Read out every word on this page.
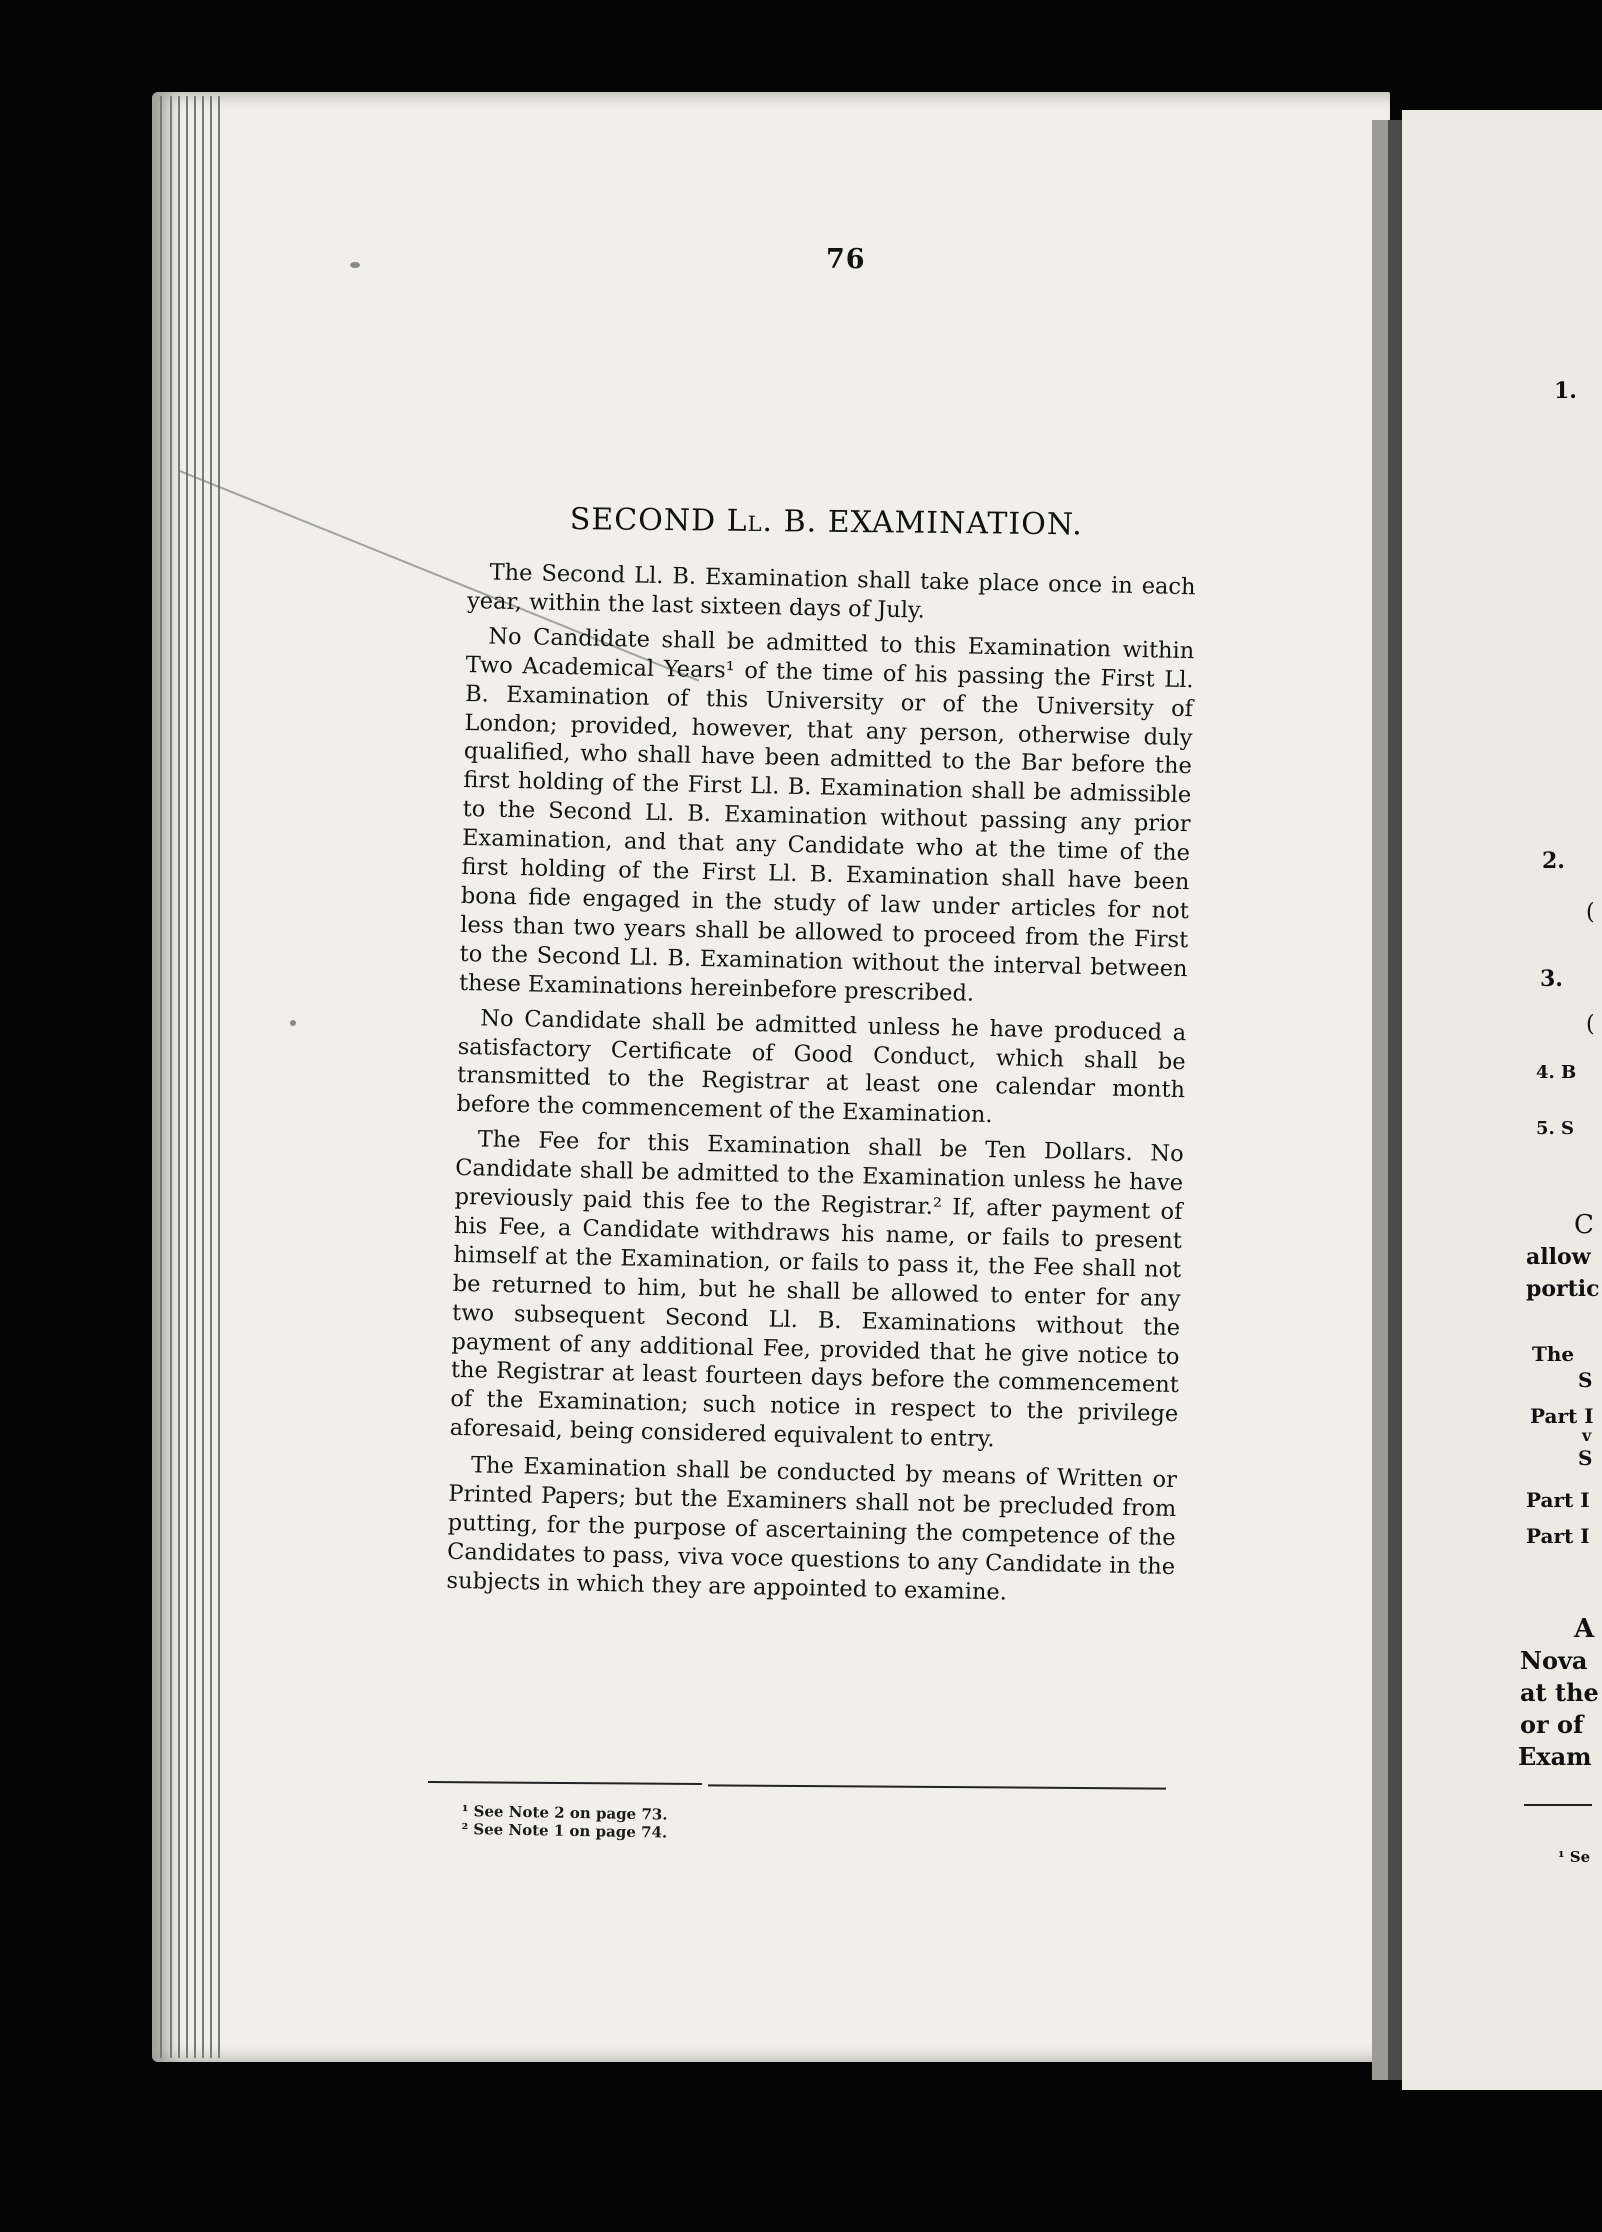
76
SECOND Ll. B. EXAMINATION.

The Second Ll. B. Examination shall take place once in each year, within the last sixteen days of July.

No Candidate shall be admitted to this Examination within Two Academical Years¹ of the time of his passing the First Ll. B. Examination of this University or of the University of London; provided, however, that any person, otherwise duly qualified, who shall have been admitted to the Bar before the first holding of the First Ll. B. Examination shall be admissible to the Second Ll. B. Examination without passing any prior Examination, and that any Candidate who at the time of the first holding of the First Ll. B. Examination shall have been bona fide engaged in the study of law under articles for not less than two years shall be allowed to proceed from the First to the Second Ll. B. Examination without the interval between these Examinations hereinbefore prescribed.

No Candidate shall be admitted unless he have produced a satisfactory Certificate of Good Conduct, which shall be transmitted to the Registrar at least one calendar month before the commencement of the Examination.

The Fee for this Examination shall be Ten Dollars. No Candidate shall be admitted to the Examination unless he have previously paid this fee to the Registrar.² If, after payment of his Fee, a Candidate withdraws his name, or fails to present himself at the Examination, or fails to pass it, the Fee shall not be returned to him, but he shall be allowed to enter for any two subsequent Second Ll. B. Examinations without the payment of any additional Fee, provided that he give notice to the Registrar at least fourteen days before the commencement of the Examination; such notice in respect to the privilege aforesaid, being considered equivalent to entry.

The Examination shall be conducted by means of Written or Printed Papers; but the Examiners shall not be precluded from putting, for the purpose of ascertaining the competence of the Candidates to pass, viva voce questions to any Candidate in the subjects in which they are appointed to examine.

¹ See Note 2 on page 73.
² See Note 1 on page 74.
1.
2.
(
3.
(
4. B
5. S
C
allow
portic
The
S
Part I
v
S
Part I
Part I
A
Nova
at the
or of
Exam
¹ Se
